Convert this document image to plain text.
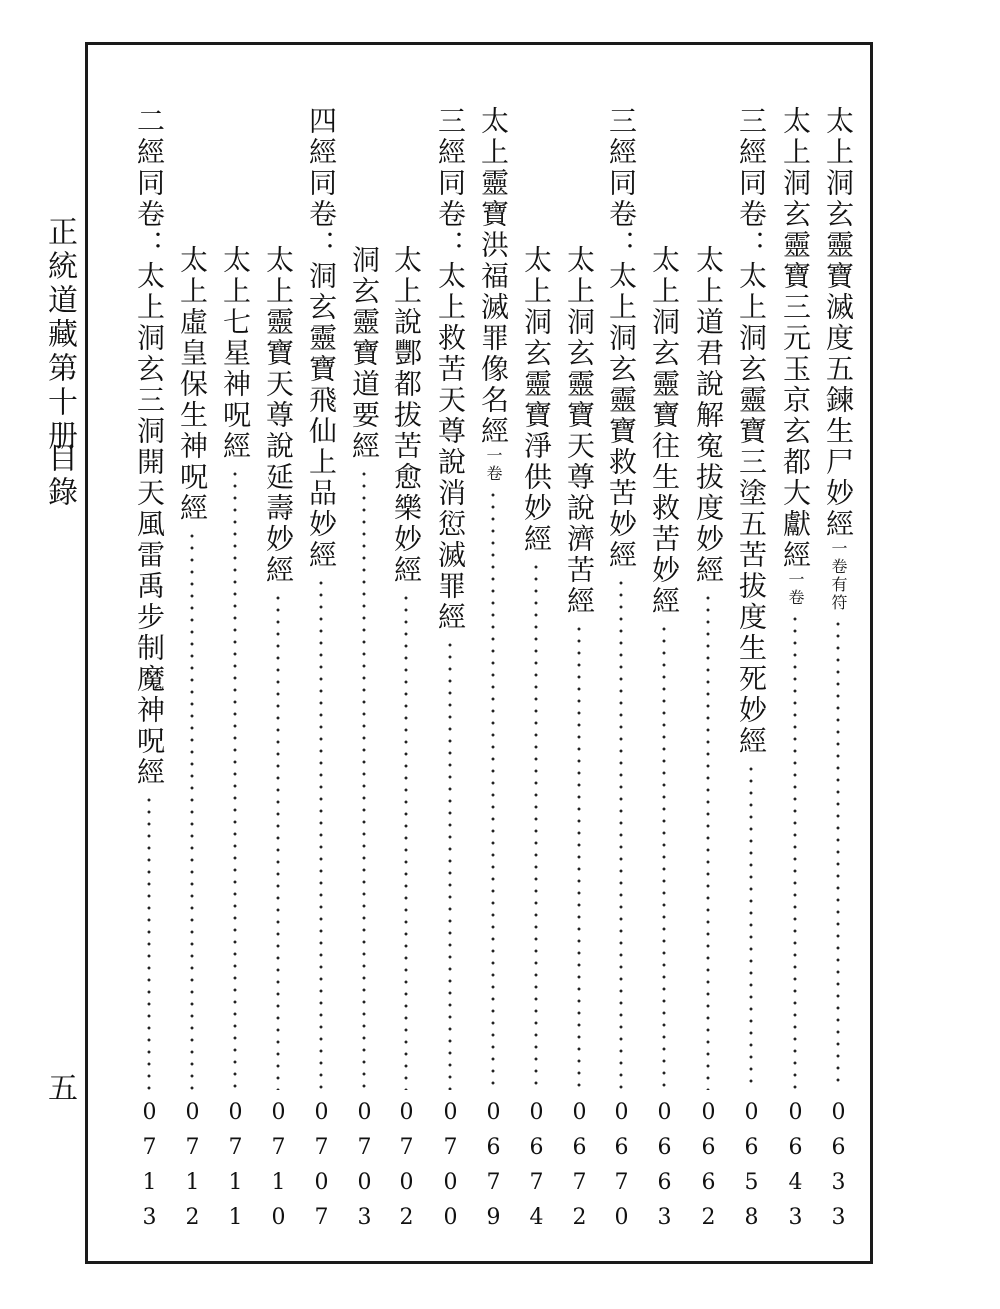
正統道藏第十册
目錄
五
太上洞玄靈寶滅度五鍊生尸妙經一卷有符
0633
太上洞玄靈寶三元玉京玄都大獻經一卷
0643
三經同卷：太上洞玄靈寶三塗五苦拔度生死妙經
0658
太上道君說解寃拔度妙經
0662
太上洞玄靈寶往生救苦妙經
0663
三經同卷：太上洞玄靈寶救苦妙經
0670
太上洞玄靈寶天尊說濟苦經
0672
太上洞玄靈寶淨供妙經
0674
太上靈寶洪福滅罪像名經一卷
0679
三經同卷：太上救苦天尊說消愆滅罪經
0700
太上說酆都拔苦愈樂妙經
0702
洞玄靈寶道要經
0703
四經同卷：洞玄靈寶飛仙上品妙經
0707
太上靈寶天尊說延壽妙經
0710
太上七星神呪經
0711
太上虛皇保生神呪經
0712
二經同卷：太上洞玄三洞開天風雷禹步制魔神呪經
0713
